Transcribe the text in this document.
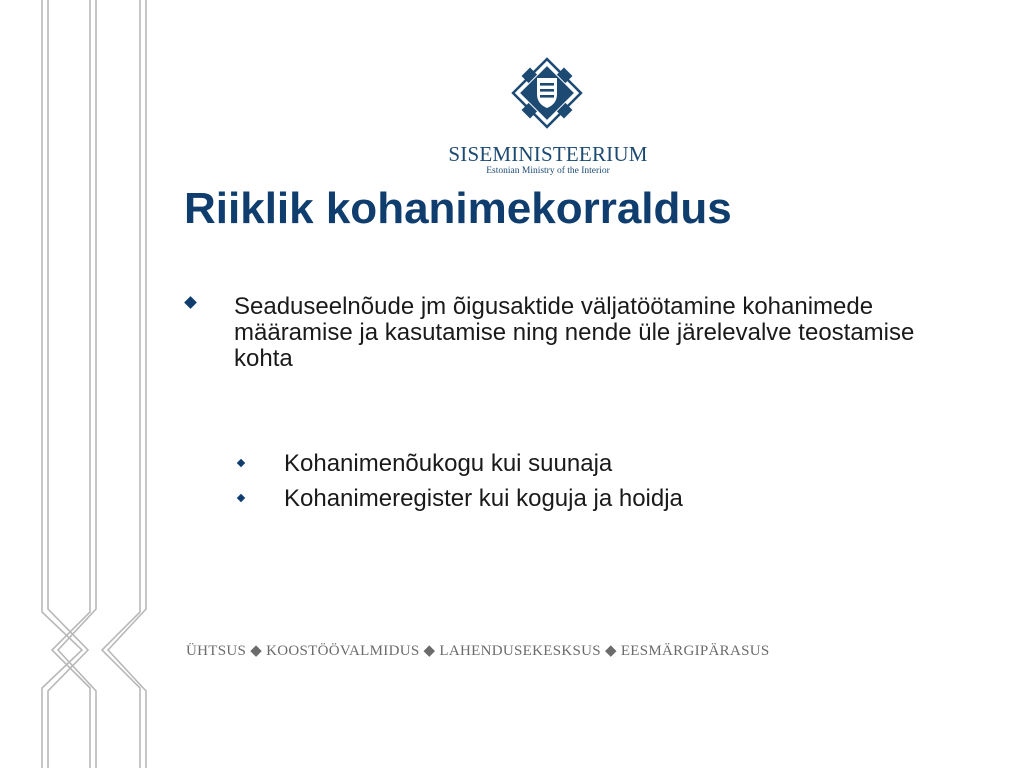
SISEMINISTEERIUM
Estonian Ministry of the Interior
Riiklik kohanimekorraldus
Seaduseelnõude jm õigusaktide väljatöötamine kohanimede määramise ja kasutamise ning nende üle järelevalve teostamise kohta
Kohanimenõukogu kui suunaja
Kohanimeregister kui koguja ja hoidja
ÜHTSUS ◆ KOOSTÖÖVALMIDUS ◆ LAHENDUSEKESKSUS ◆ EESMÄRGIPÄRASUS
